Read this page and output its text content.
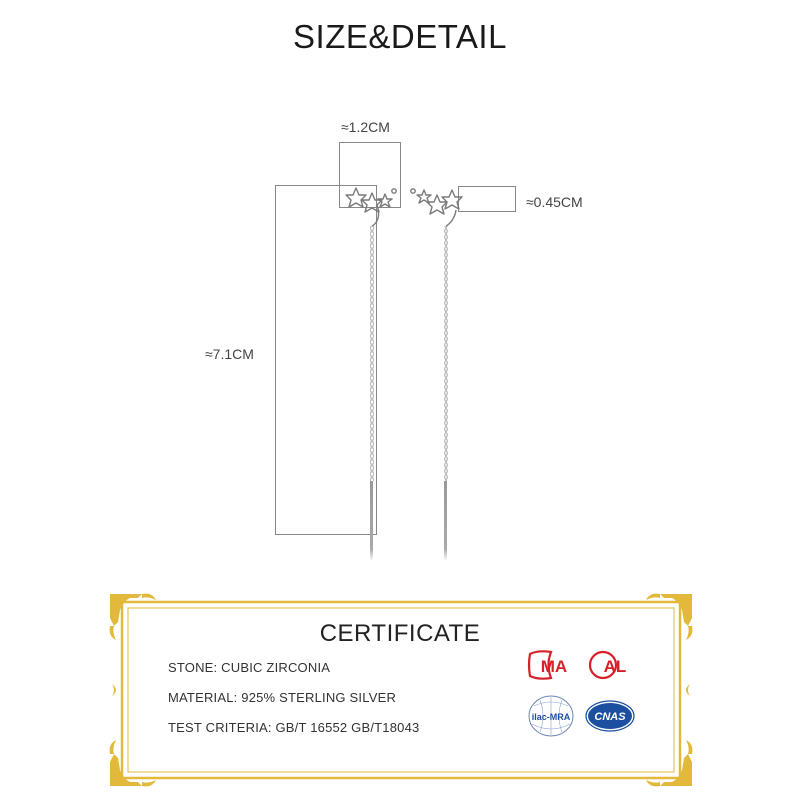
SIZE&DETAIL
≈1.2CM
≈0.45CM
≈7.1CM
CERTIFICATE
STONE: CUBIC ZIRCONIA
MATERIAL: 925% STERLING SILVER
TEST CRITERIA: GB/T 16552 GB/T18043
MA AL
ilac-MRA CNAS
